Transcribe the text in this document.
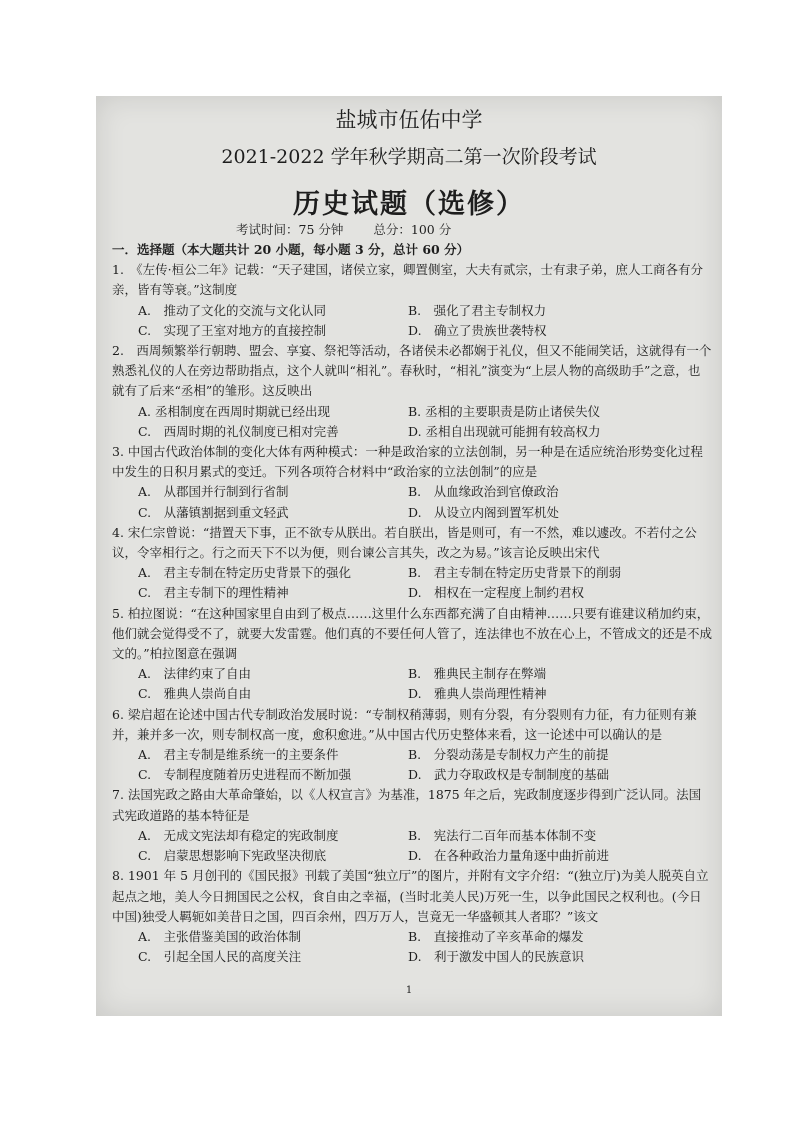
盐城市伍佑中学
2021-2022 学年秋学期高二第一次阶段考试
历史试题（选修）
考试时间：75 分钟 总分：100 分
一．选择题（本大题共计 20 小题，每小题 3 分，总计 60 分）
1.　《左传·桓公二年》记载：“天子建国，诸侯立家，卿置侧室，大夫有贰宗，士有隶子弟，庶人工商各有分亲，皆有等衰。”这制度
A.　推动了文化的交流与文化认同	B.　强化了君主专制权力
C.　实现了王室对地方的直接控制	D.　确立了贵族世袭特权
2.　西周频繁举行朝聘、盟会、享宴、祭祀等活动，各诸侯未必都娴于礼仪，但又不能闹笑话，这就得有一个熟悉礼仪的人在旁边帮助指点，这个人就叫“相礼”。春秋时，“相礼”演变为“上层人物的高级助手”之意，也就有了后来“丞相”的雏形。这反映出
A. 丞相制度在西周时期就已经出现	B. 丞相的主要职责是防止诸侯失仪
C.　西周时期的礼仪制度已相对完善	D. 丞相自出现就可能拥有较高权力
3. 中国古代政治体制的变化大体有两种模式：一种是政治家的立法创制，另一种是在适应统治形势变化过程中发生的日积月累式的变迁。下列各项符合材料中“政治家的立法创制”的应是
A.　从郡国并行制到行省制	B.　从血缘政治到官僚政治
C.　从藩镇割据到重文轻武	D.　从设立内阁到置军机处
4. 宋仁宗曾说：“措置天下事，正不欲专从朕出。若自朕出，皆是则可，有一不然，难以遽改。不若付之公议，令宰相行之。行之而天下不以为便，则台谏公言其失，改之为易。”该言论反映出宋代
A.　君主专制在特定历史背景下的强化	B.　君主专制在特定历史背景下的削弱
C.　君主专制下的理性精神	D.　相权在一定程度上制约君权
5. 柏拉图说：“在这种国家里自由到了极点……这里什么东西都充满了自由精神……只要有谁建议稍加约束，他们就会觉得受不了，就要大发雷霆。他们真的不要任何人管了，连法律也不放在心上，不管成文的还是不成文的。”柏拉图意在强调
A.　法律约束了自由	B.　雅典民主制存在弊端
C.　雅典人崇尚自由	D.　雅典人崇尚理性精神
6. 梁启超在论述中国古代专制政治发展时说：“专制权稍薄弱，则有分裂，有分裂则有力征，有力征则有兼并，兼并多一次，则专制权高一度，愈积愈进。”从中国古代历史整体来看，这一论述中可以确认的是
A.　君主专制是维系统一的主要条件	B.　分裂动荡是专制权力产生的前提
C.　专制程度随着历史进程而不断加强	D.　武力夺取政权是专制制度的基础
7. 法国宪政之路由大革命肇始，以《人权宣言》为基准，1875 年之后，宪政制度逐步得到广泛认同。法国式宪政道路的基本特征是
A.　无成文宪法却有稳定的宪政制度	B.　宪法行二百年而基本体制不变
C.　启蒙思想影响下宪政坚决彻底	D.　在各种政治力量角逐中曲折前进
8. 1901 年 5 月创刊的《国民报》刊载了美国“独立厅”的图片，并附有文字介绍：“(独立厅)为美人脱英自立起点之地，美人今日拥国民之公权，食自由之幸福，(当时北美人民)万死一生，以争此国民之权利也。(今日中国)独受人羁轭如美昔日之国，四百余州，四万万人，岂竟无一华盛顿其人者耶？”该文
A.　主张借鉴美国的政治体制	B.　直接推动了辛亥革命的爆发
C.　引起全国人民的高度关注	D.　利于激发中国人的民族意识
1
